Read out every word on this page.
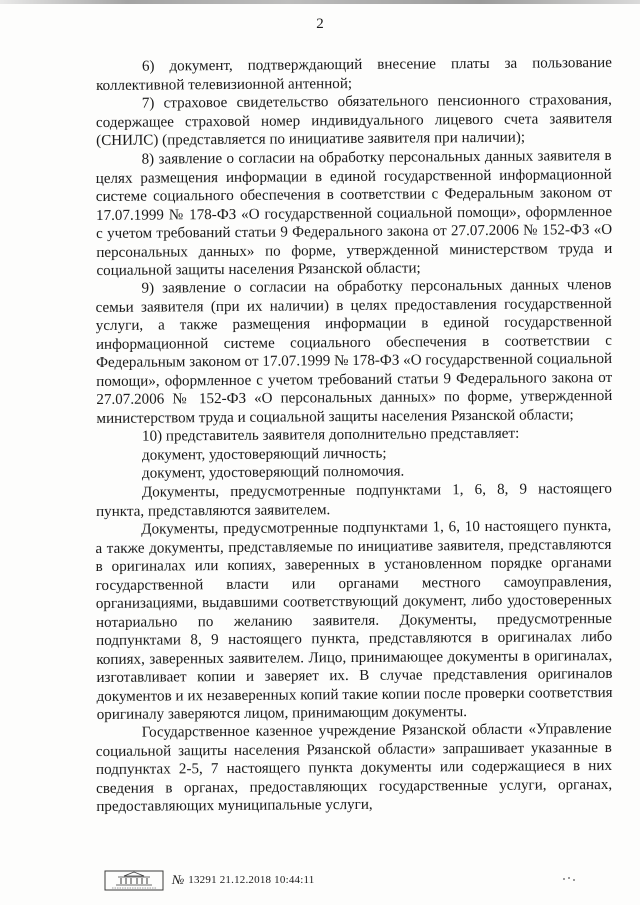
2

6) документ, подтверждающий внесение платы за пользование коллективной телевизионной антенной;

7) страховое свидетельство обязательного пенсионного страхования, содержащее страховой номер индивидуального лицевого счета заявителя (СНИЛС) (представляется по инициативе заявителя при наличии);

8) заявление о согласии на обработку персональных данных заявителя в целях размещения информации в единой государственной информационной системе социального обеспечения в соответствии с Федеральным законом от 17.07.1999 № 178-ФЗ «О государственной социальной помощи», оформленное с учетом требований статьи 9 Федерального закона от 27.07.2006 № 152-ФЗ «О персональных данных» по форме, утвержденной министерством труда и социальной защиты населения Рязанской области;

9) заявление о согласии на обработку персональных данных членов семьи заявителя (при их наличии) в целях предоставления государственной услуги, а также размещения информации в единой государственной информационной системе социального обеспечения в соответствии с Федеральным законом от 17.07.1999 № 178-ФЗ «О государственной социальной помощи», оформленное с учетом требований статьи 9 Федерального закона от 27.07.2006 № 152-ФЗ «О персональных данных» по форме, утвержденной министерством труда и социальной защиты населения Рязанской области;

10) представитель заявителя дополнительно представляет:

документ, удостоверяющий личность;

документ, удостоверяющий полномочия.

Документы, предусмотренные подпунктами 1, 6, 8, 9 настоящего пункта, представляются заявителем.

Документы, предусмотренные подпунктами 1, 6, 10 настоящего пункта, а также документы, представляемые по инициативе заявителя, представляются в оригиналах или копиях, заверенных в установленном порядке органами государственной власти или органами местного самоуправления, организациями, выдавшими соответствующий документ, либо удостоверенных нотариально по желанию заявителя. Документы, предусмотренные подпунктами 8, 9 настоящего пункта, представляются в оригиналах либо копиях, заверенных заявителем. Лицо, принимающее документы в оригиналах, изготавливает копии и заверяет их. В случае представления оригиналов документов и их незаверенных копий такие копии после проверки соответствия оригиналу заверяются лицом, принимающим документы.

Государственное казенное учреждение Рязанской области «Управление социальной защиты населения Рязанской области» запрашивает указанные в подпунктах 2-5, 7 настоящего пункта документы или содержащиеся в них сведения в органах, предоставляющих государственные услуги, органах, предоставляющих муниципальные услуги,

№ 13291 21.12.2018 10:44:11
